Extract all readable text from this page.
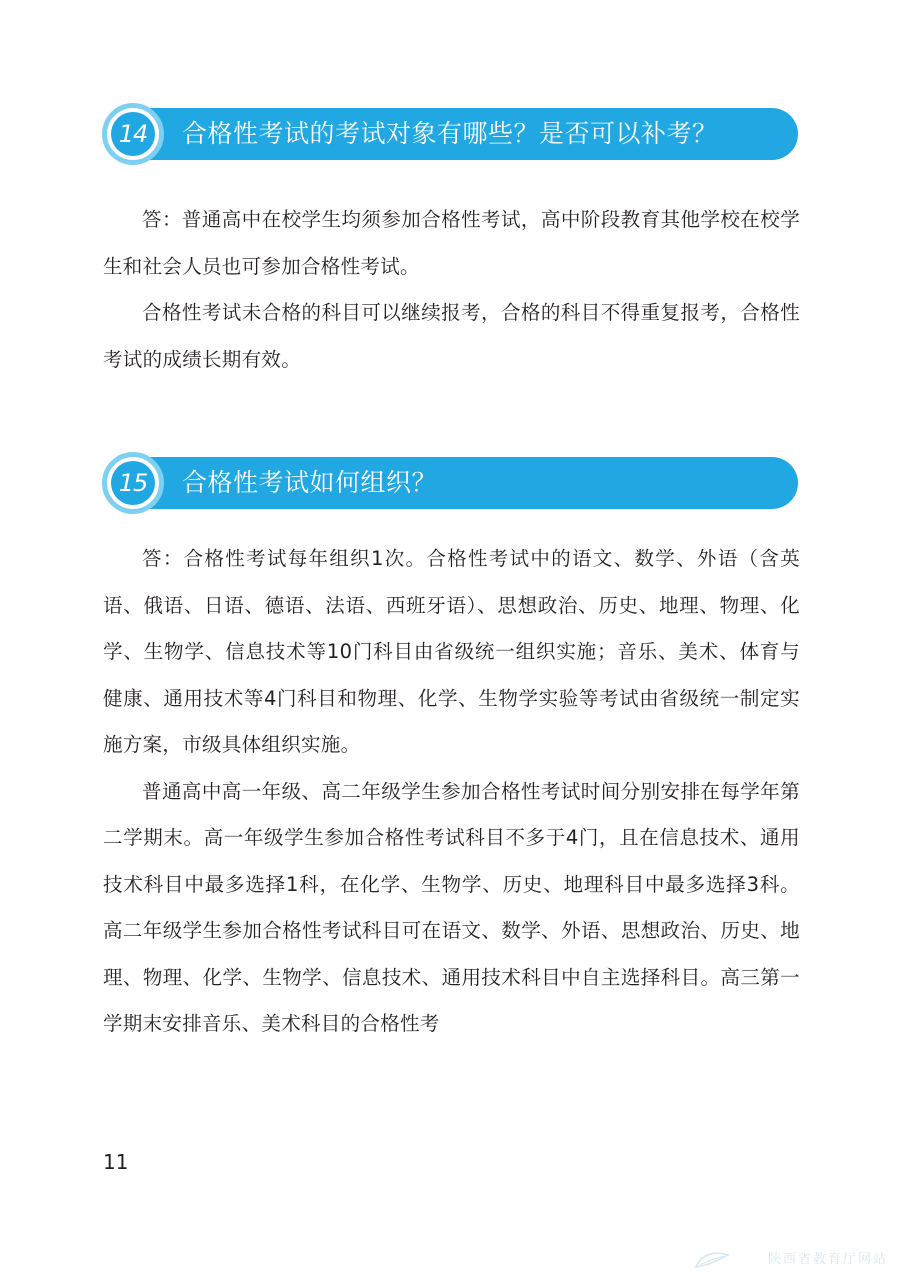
合格性考试的考试对象有哪些？是否可以补考？
14

答：普通高中在校学生均须参加合格性考试，高中阶段教育其他学校在校学生和社会人员也可参加合格性考试。

合格性考试未合格的科目可以继续报考，合格的科目不得重复报考，合格性考试的成绩长期有效。

合格性考试如何组织？
15

答：合格性考试每年组织1次。合格性考试中的语文、数学、外语（含英语、俄语、日语、德语、法语、西班牙语）、思想政治、历史、地理、物理、化学、生物学、信息技术等10门科目由省级统一组织实施；音乐、美术、体育与健康、通用技术等4门科目和物理、化学、生物学实验等考试由省级统一制定实施方案，市级具体组织实施。

普通高中高一年级、高二年级学生参加合格性考试时间分别安排在每学年第二学期末。高一年级学生参加合格性考试科目不多于4门，且在信息技术、通用技术科目中最多选择1科，在化学、生物学、历史、地理科目中最多选择3科。高二年级学生参加合格性考试科目可在语文、数学、外语、思想政治、历史、地理、物理、化学、生物学、信息技术、通用技术科目中自主选择科目。高三第一学期末安排音乐、美术科目的合格性考

11
陕西省教育厅网站
